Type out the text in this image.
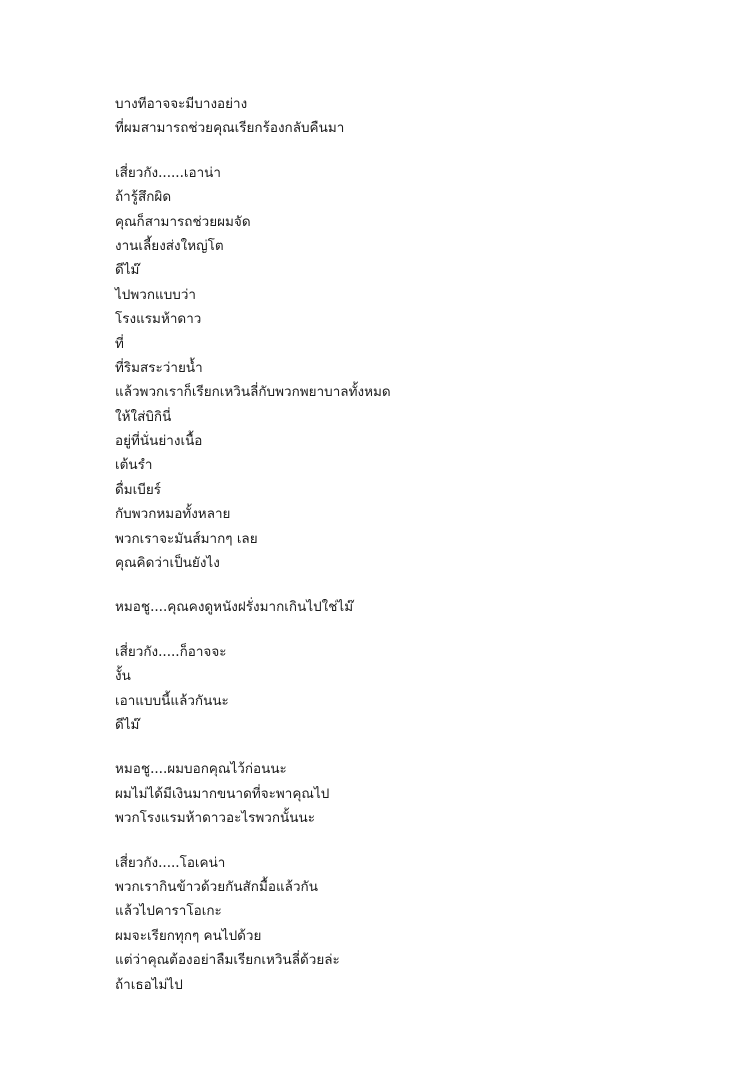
บางทีอาจจะมีบางอย่าง
ที่ผมสามารถช่วยคุณเรียกร้องกลับคืนมา
เสี่ยวกัง......เอาน่า
ถ้ารู้สึกผิด
คุณก็สามารถช่วยผมจัด
งานเลี้ยงส่งใหญ่โต
ดีไม๊
ไปพวกแบบว่า
โรงแรมห้าดาว
ที่
ที่ริมสระว่ายน้ำ
แล้วพวกเราก็เรียกเหวินลี่กับพวกพยาบาลทั้งหมด
ให้ใส่บิกินี่
อยู่ที่นั่นย่างเนื้อ
เต้นรำ
ดื่มเบียร์
กับพวกหมอทั้งหลาย
พวกเราจะมันส์มากๆ เลย
คุณคิดว่าเป็นยังไง
หมอชู....คุณคงดูหนังฝรั่งมากเกินไปใช่ไม๊
เสี่ยวกัง.....ก็อาจจะ
งั้น
เอาแบบนี้แล้วกันนะ
ดีไม๊
หมอชู....ผมบอกคุณไว้ก่อนนะ
ผมไม่ได้มีเงินมากขนาดที่จะพาคุณไป
พวกโรงแรมห้าดาวอะไรพวกนั้นนะ
เสี่ยวกัง.....โอเคน่า
พวกเรากินข้าวด้วยกันสักมื้อแล้วกัน
แล้วไปคาราโอเกะ
ผมจะเรียกทุกๆ คนไปด้วย
แต่ว่าคุณต้องอย่าลืมเรียกเหวินลี่ด้วยล่ะ
ถ้าเธอไม่ไป
